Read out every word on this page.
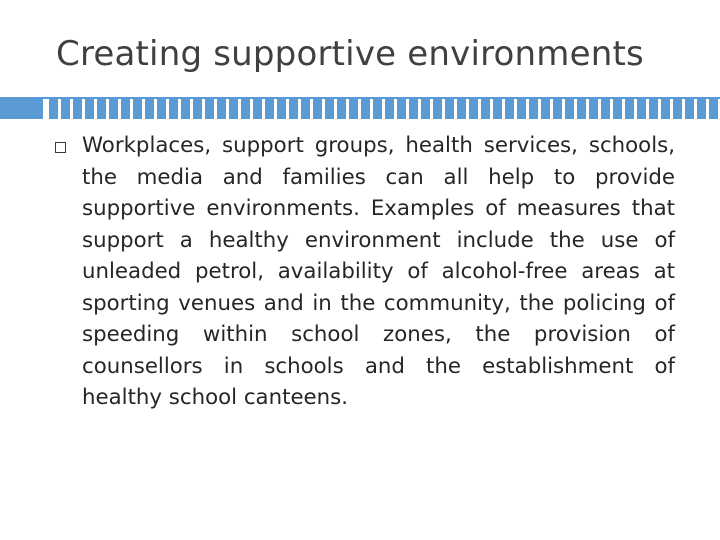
Creating supportive environments
Workplaces, support groups, health services, schools, the media and families can all help to provide supportive environments. Examples of measures that support a healthy environment include the use of unleaded petrol, availability of alcohol-free areas at sporting venues and in the community, the policing of speeding within school zones, the provision of counsellors in schools and the establishment of healthy school canteens.
